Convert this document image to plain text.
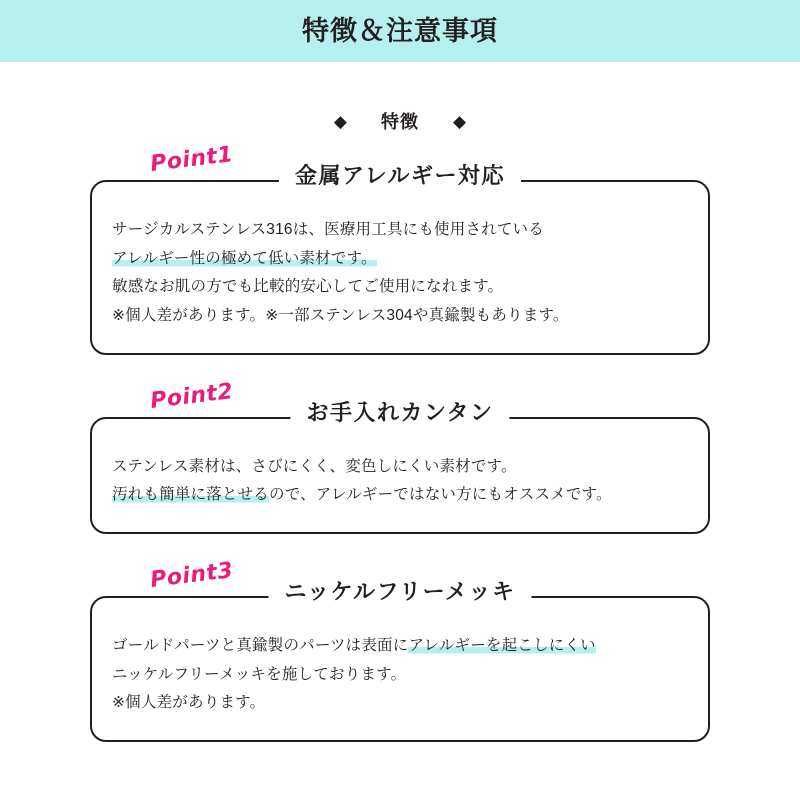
特徴＆注意事項
◆ 特徴 ◆
Point1	金属アレルギー対応
サージカルステンレス316は、医療用工具にも使用されている
アレルギー性の極めて低い素材です。
敏感なお肌の方でも比較的安心してご使用になれます。
※個人差があります。※一部ステンレス304や真鍮製もあります。
Point2	お手入れカンタン
ステンレス素材は、さびにくく、変色しにくい素材です。
汚れも簡単に落とせるので、アレルギーではない方にもオススメです。
Point3	ニッケルフリーメッキ
ゴールドパーツと真鍮製のパーツは表面にアレルギーを起こしにくい
ニッケルフリーメッキを施しております。
※個人差があります。
